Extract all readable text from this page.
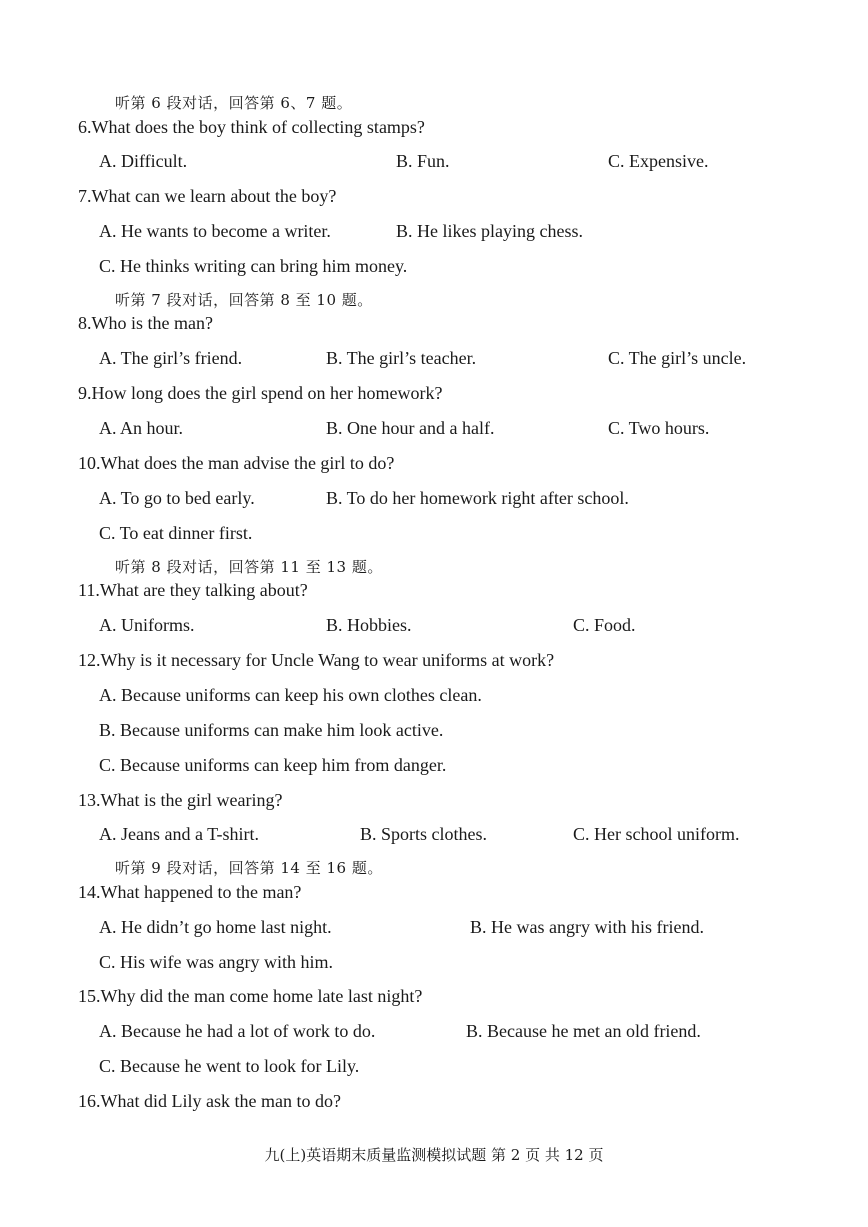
听第 6 段对话，回答第 6、7 题。
6.What does the boy think of collecting stamps?
A. Difficult.	B. Fun.	C. Expensive.
7.What can we learn about the boy?
A. He wants to become a writer.	B. He likes playing chess.
C. He thinks writing can bring him money.
听第 7 段对话，回答第 8 至 10 题。
8.Who is the man?
A. The girl’s friend.	B. The girl’s teacher.	C. The girl’s uncle.
9.How long does the girl spend on her homework?
A. An hour.	B. One hour and a half.	C. Two hours.
10.What does the man advise the girl to do?
A. To go to bed early.	B. To do her homework right after school.
C. To eat dinner first.
听第 8 段对话，回答第 11 至 13 题。
11.What are they talking about?
A. Uniforms.	B. Hobbies.	C. Food.
12.Why is it necessary for Uncle Wang to wear uniforms at work?
A. Because uniforms can keep his own clothes clean.
B. Because uniforms can make him look active.
C. Because uniforms can keep him from danger.
13.What is the girl wearing?
A. Jeans and a T-shirt.	B. Sports clothes.	C. Her school uniform.
听第 9 段对话，回答第 14 至 16 题。
14.What happened to the man?
A. He didn’t go home last night.	B. He was angry with his friend.
C. His wife was angry with him.
15.Why did the man come home late last night?
A. Because he had a lot of work to do.	B. Because he met an old friend.
C. Because he went to look for Lily.
16.What did Lily ask the man to do?
九(上)英语期末质量监测模拟试题 第 2 页 共 12 页
